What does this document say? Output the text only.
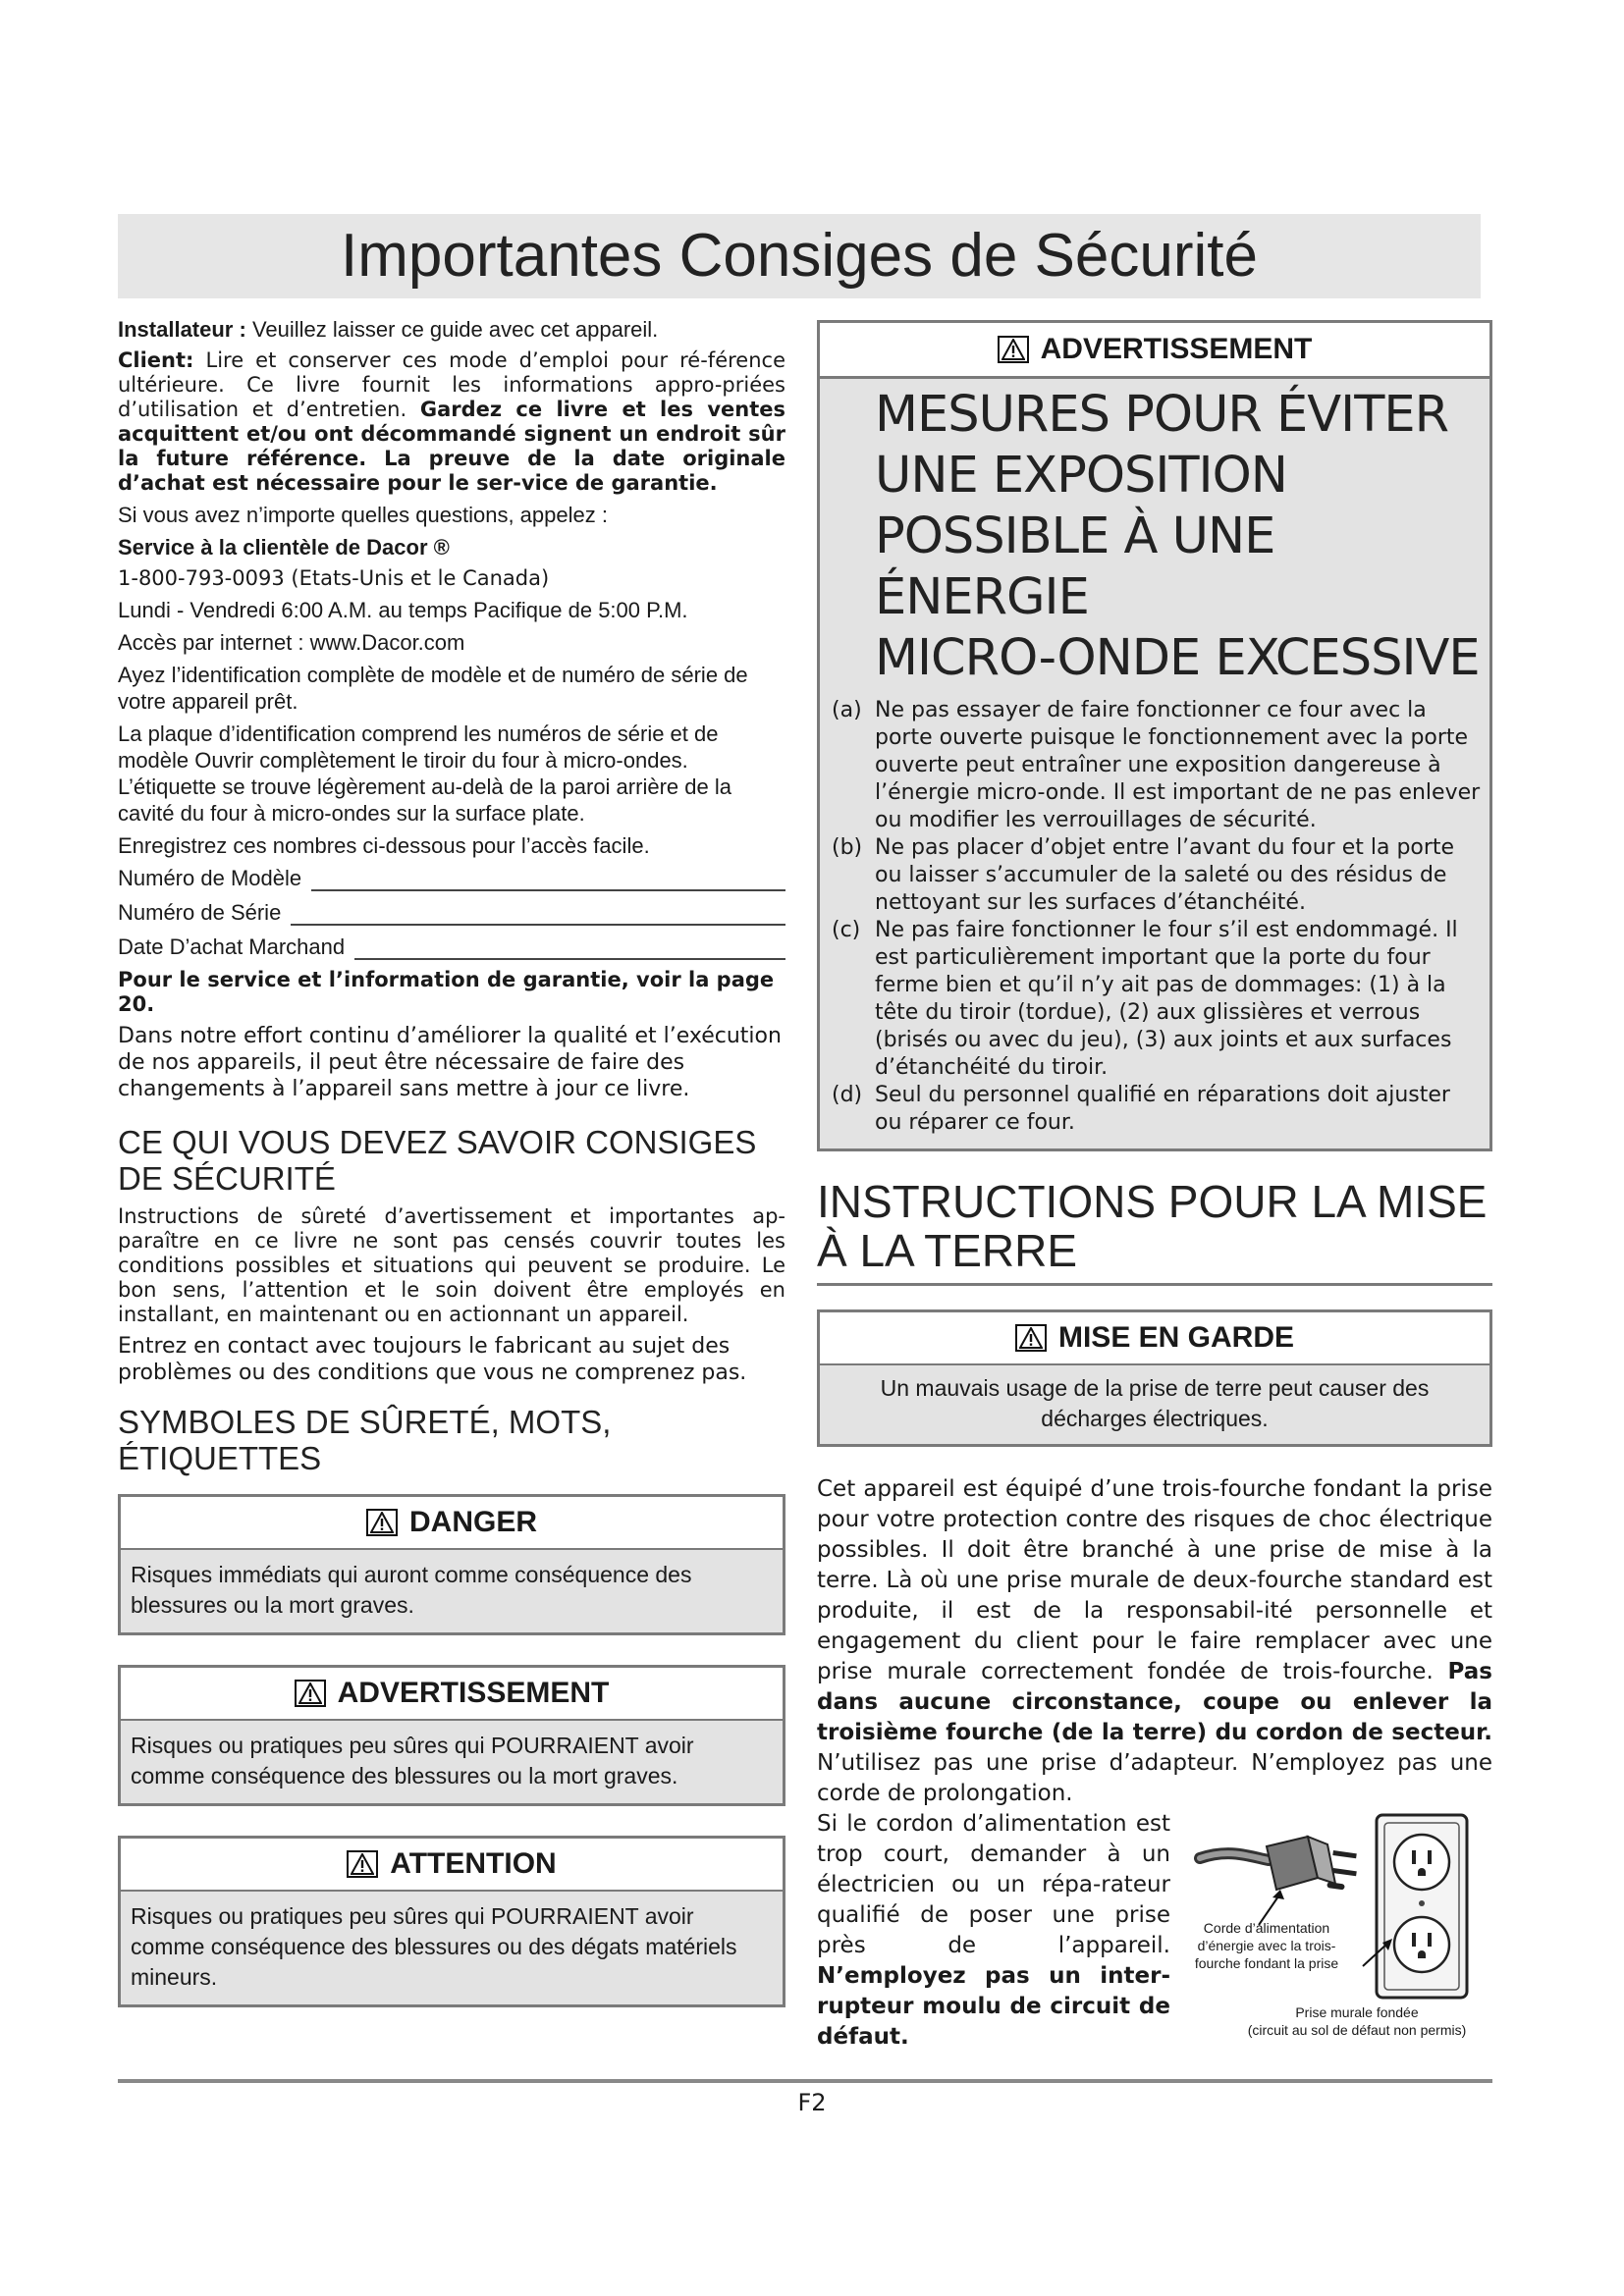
Importantes Consiges de Sécurité

Installateur : Veuillez laisser ce guide avec cet appareil.

Client: Lire et conserver ces mode d’emploi pour ré-férence ultérieure. Ce livre fournit les informations appro-priées d’utilisation et d’entretien. Gardez ce livre et les ventes acquittent et/ou ont décommandé signent un endroit sûr la future référence. La preuve de la date originale d’achat est nécessaire pour le ser-vice de garantie.

Si vous avez n’importe quelles questions, appelez :

Service à la clientèle de Dacor ®

1-800-793-0093 (Etats-Unis et le Canada)

Lundi - Vendredi 6:00 A.M. au temps Pacifique de 5:00 P.M.

Accès par internet : www.Dacor.com

Ayez l’identification complète de modèle et de numéro de série de votre appareil prêt.

La plaque d’identification comprend les numéros de série et de modèle Ouvrir complètement le tiroir du four à micro-ondes. L’étiquette se trouve légèrement au-delà de la paroi arrière de la cavité du four à micro-ondes sur la surface plate.

Enregistrez ces nombres ci-dessous pour l’accès facile.

Numéro de Modèle
Numéro de Série
Date D’achat Marchand

Pour le service et l’information de garantie, voir la page 20.

Dans notre effort continu d’améliorer la qualité et l’exécution de nos appareils, il peut être nécessaire de faire des changements à l’appareil sans mettre à jour ce livre.

CE QUI VOUS DEVEZ SAVOIR CONSIGES DE SÉCURITÉ

Instructions de sûreté d’avertissement et importantes ap-paraître en ce livre ne sont pas censés couvrir toutes les conditions possibles et situations qui peuvent se produire. Le bon sens, l’attention et le soin doivent être employés en installant, en maintenant ou en actionnant un appareil.

Entrez en contact avec toujours le fabricant au sujet des problèmes ou des conditions que vous ne comprenez pas.

SYMBOLES DE SÛRETÉ, MOTS, ÉTIQUETTES
DANGER
Risques immédiats qui auront comme conséquence des blessures ou la mort graves.
ADVERTISSEMENT
Risques ou pratiques peu sûres qui POURRAIENT avoir comme conséquence des blessures ou la mort graves.
ATTENTION
Risques ou pratiques peu sûres qui POURRAIENT avoir comme conséquence des blessures ou des dégats matériels mineurs.
ADVERTISSEMENT
MESURES POUR ÉVITER
UNE EXPOSITION
POSSIBLE À UNE ÉNERGIE
MICRO-ONDE EXCESSIVE
(a) Ne pas essayer de faire fonctionner ce four avec la porte ouverte puisque le fonctionnement avec la porte ouverte peut entraîner une exposition dangereuse à l’énergie micro-onde. Il est important de ne pas enlever ou modifier les verrouillages de sécurité.
(b) Ne pas placer d’objet entre l’avant du four et la porte ou laisser s’accumuler de la saleté ou des résidus de nettoyant sur les surfaces d’étanchéité.
(c) Ne pas faire fonctionner le four s’il est endommagé. Il est particulièrement important que la porte du four ferme bien et qu’il n’y ait pas de dommages: (1) à la tête du tiroir (tordue), (2) aux glissières et verrous (brisés ou avec du jeu), (3) aux joints et aux surfaces d’étanchéité du tiroir.
(d) Seul du personnel qualifié en réparations doit ajuster ou réparer ce four.
INSTRUCTIONS POUR LA MISE À LA TERRE
MISE EN GARDE
Un mauvais usage de la prise de terre peut causer des décharges électriques.

Cet appareil est équipé d’une trois-fourche fondant la prise pour votre protection contre des risques de choc électrique possibles. Il doit être branché à une prise de mise à la terre. Là où une prise murale de deux-fourche standard est produite, il est de la responsabil-ité personnelle et engagement du client pour le faire remplacer avec une prise murale correctement fondée de trois-fourche. Pas dans aucune circonstance, coupe ou enlever la troisième fourche (de la terre) du cordon de secteur. N’utilisez pas une prise d’adapteur. N’employez pas une corde de prolongation.

Si le cordon d’alimentation est trop court, demander à un électricien ou un répa-rateur qualifié de poser une prise près de l’appareil. N’employez pas un inter-rupteur moulu de circuit de défaut.
Corde d’alimentation d’énergie avec la trois-fourche fondant la prise
Prise murale fondée
(circuit au sol de défaut non permis)
F2
